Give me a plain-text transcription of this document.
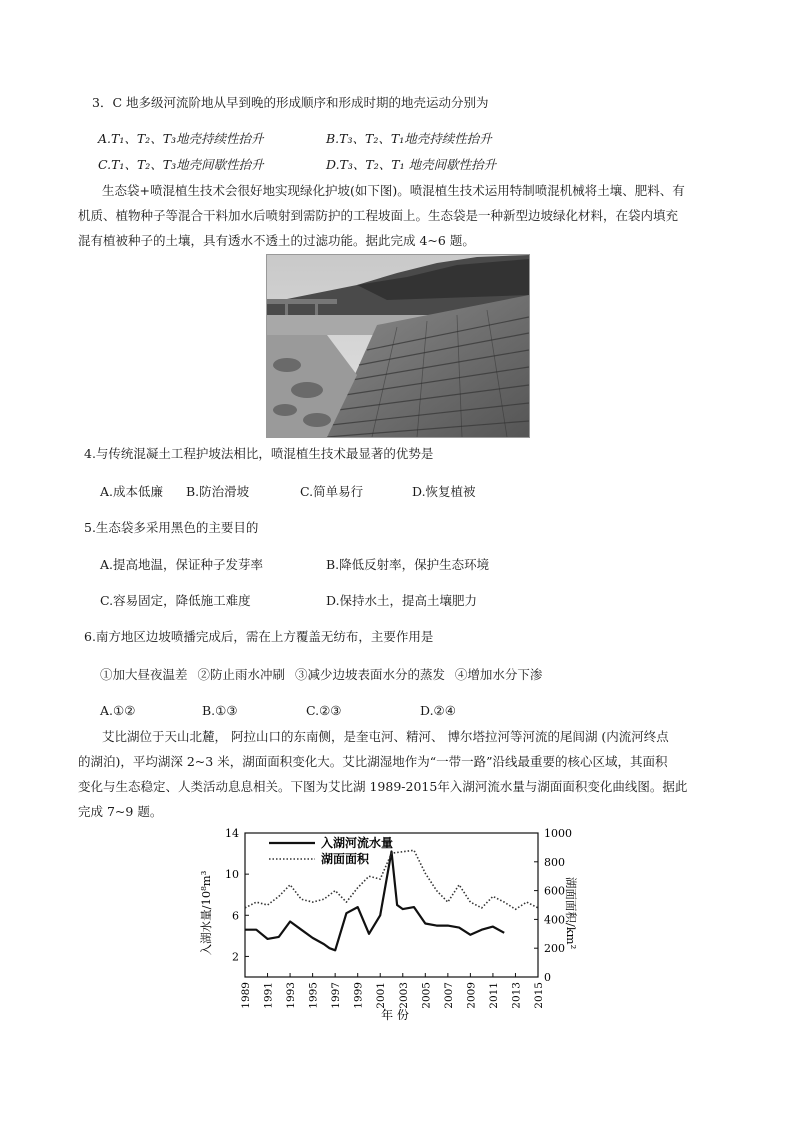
3．C 地多级河流阶地从早到晚的形成顺序和形成时期的地壳运动分别为
A.T₁、T₂、T₃地壳持续性抬升	B.T₃、T₂、T₁地壳持续性抬升
C.T₁、T₂、T₃地壳间歇性抬升	D.T₃、T₂、T₁ 地壳间歇性抬升
生态袋+喷混植生技术会很好地实现绿化护坡(如下图)。喷混植生技术运用特制喷混机械将土壤、肥料、有
机质、植物种子等混合干料加水后喷射到需防护的工程坡面上。生态袋是一种新型边坡绿化材料，在袋内填充
混有植被种子的土壤，具有透水不透土的过滤功能。据此完成 4~6 题。
4.与传统混凝土工程护坡法相比，喷混植生技术最显著的优势是
A.成本低廉 B.防治滑坡	C.简单易行	D.恢复植被
5.生态袋多采用黑色的主要目的
A.提高地温，保证种子发芽率	B.降低反射率，保护生态环境
C.容易固定，降低施工难度	D.保持水土，提高土壤肥力
6.南方地区边坡喷播完成后，需在上方覆盖无纺布，主要作用是
①加大昼夜温差 ②防止雨水冲刷 ③减少边坡表面水分的蒸发 ④增加水分下渗
A.①②	B.①③	C.②③	D.②④
艾比湖位于天山北麓， 阿拉山口的东南侧，是奎屯河、精河、 博尔塔拉河等河流的尾闾湖 (内流河终点
的湖泊)，平均湖深 2~3 米，湖面面积变化大。艾比湖湿地作为“一带一路”沿线最重要的核心区域，其面积
变化与生态稳定、人类活动息息相关。下图为艾比湖 1989-2015年入湖河流水量与湖面面积变化曲线图。据此
完成 7~9 题。
1989 1991 1993 1995 1997 1999 2001 2003 2005 2007 2009 2011 2013 2015
2
6
10
14
0
200
400
600
800
1000
入湖河流水量
湖面面积
年 份
入湖水量/10⁸m³	湖面面积/km²
